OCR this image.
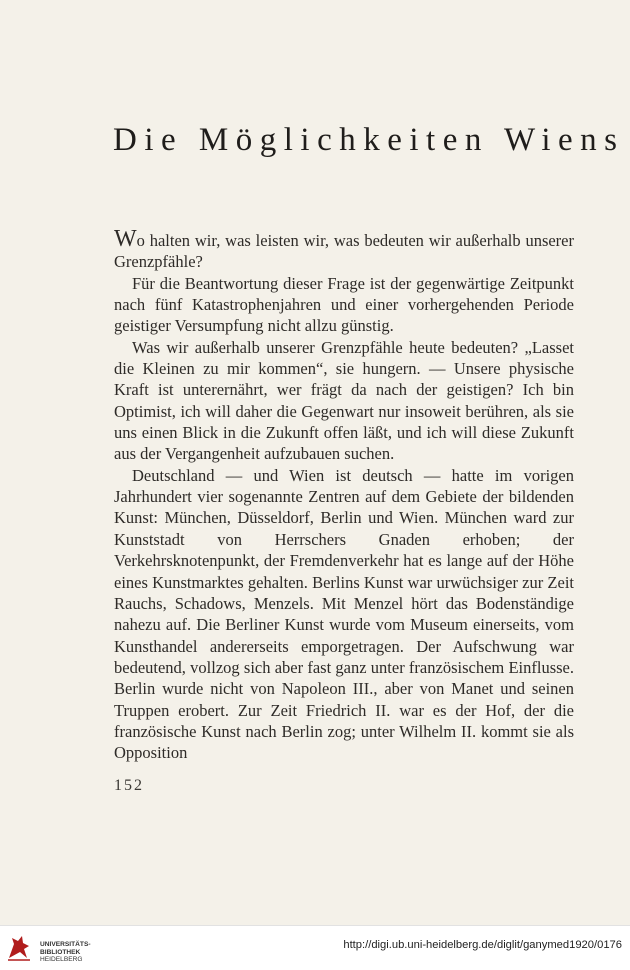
Die Möglichkeiten Wiens

Wo halten wir, was leisten wir, was bedeuten wir außerhalb unserer Grenzpfähle?

Für die Beantwortung dieser Frage ist der gegenwärtige Zeitpunkt nach fünf Katastrophenjahren und einer vorhergehenden Periode geistiger Versumpfung nicht allzu günstig.

Was wir außerhalb unserer Grenzpfähle heute bedeuten? „Lasset die Kleinen zu mir kommen“, sie hungern. — Unsere physische Kraft ist unterernährt, wer frägt da nach der geistigen? Ich bin Optimist, ich will daher die Gegenwart nur insoweit berühren, als sie uns einen Blick in die Zukunft offen läßt, und ich will diese Zukunft aus der Vergangenheit aufzubauen suchen.

Deutschland — und Wien ist deutsch — hatte im vorigen Jahrhundert vier sogenannte Zentren auf dem Gebiete der bildenden Kunst: München, Düsseldorf, Berlin und Wien. München ward zur Kunststadt von Herrschers Gnaden erhoben; der Verkehrsknotenpunkt, der Fremdenverkehr hat es lange auf der Höhe eines Kunstmarktes gehalten. Berlins Kunst war urwüchsiger zur Zeit Rauchs, Schadows, Menzels. Mit Menzel hört das Bodenständige nahezu auf. Die Berliner Kunst wurde vom Museum einerseits, vom Kunsthandel andererseits emporgetragen. Der Aufschwung war bedeutend, vollzog sich aber fast ganz unter französischem Einflusse. Berlin wurde nicht von Napoleon III., aber von Manet und seinen Truppen erobert. Zur Zeit Friedrich II. war es der Hof, der die französische Kunst nach Berlin zog; unter Wilhelm II. kommt sie als Opposition

152
UNIVERSITÄTS-
BIBLIOTHEK
HEIDELBERG
http://digi.ub.uni-heidelberg.de/diglit/ganymed1920/0176
